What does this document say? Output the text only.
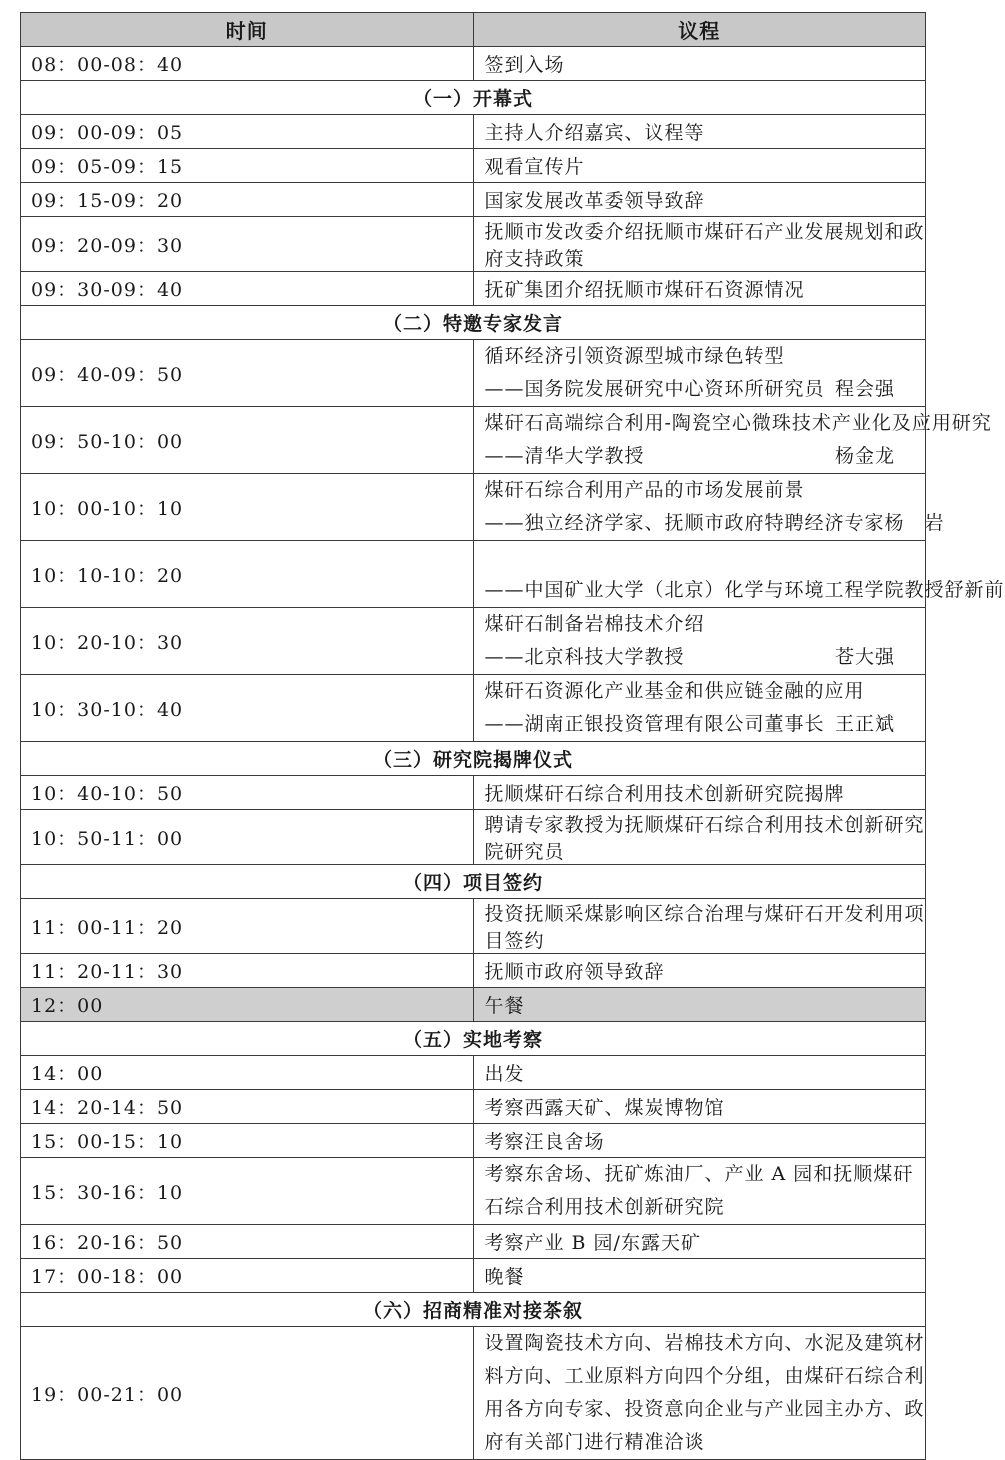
时间	议程
08：00-08：40	签到入场
（一）开幕式	
09：00-09：05	主持人介绍嘉宾、议程等
09：05-09：15	观看宣传片
09：15-09：20	国家发展改革委领导致辞
09：20-09：30	抚顺市发改委介绍抚顺市煤矸石产业发展规划和政府支持政策
09：30-09：40	抚矿集团介绍抚顺市煤矸石资源情况
（二）特邀专家发言	
09：40-09：50	循环经济引领资源型城市绿色转型
——国务院发展研究中心资环所研究员 程会强

09：50-10：00	煤矸石高端综合利用-陶瓷空心微珠技术产业化及应用研究
——清华大学教授 杨金龙

10：00-10：10	煤矸石综合利用产品的市场发展前景
——独立经济学家、抚顺市政府特聘经济专家 杨　岩

10：10-10：20	——中国矿业大学（北京）化学与环境工程学院教授 舒新前

10：20-10：30	煤矸石制备岩棉技术介绍
——北京科技大学教授 苍大强

10：30-10：40	煤矸石资源化产业基金和供应链金融的应用
——湖南正银投资管理有限公司董事长 王正斌

（三）研究院揭牌仪式	
10：40-10：50	抚顺煤矸石综合利用技术创新研究院揭牌
10：50-11：00	聘请专家教授为抚顺煤矸石综合利用技术创新研究院研究员
（四）项目签约	
11：00-11：20	投资抚顺采煤影响区综合治理与煤矸石开发利用项目签约
11：20-11：30	抚顺市政府领导致辞
12：00	午餐
（五）实地考察	
14：00	出发
14：20-14：50	考察西露天矿、煤炭博物馆
15：00-15：10	考察汪良舍场
15：30-16：10	考察东舍场、抚矿炼油厂、产业 A 园和抚顺煤矸石综合利用技术创新研究院

16：20-16：50	考察产业 B 园/东露天矿
17：00-18：00	晚餐
（六）招商精准对接茶叙	
19：00-21：00	设置陶瓷技术方向、岩棉技术方向、水泥及建筑材料方向、工业原料方向四个分组，由煤矸石综合利用各方向专家、投资意向企业与产业园主办方、政府有关部门进行精准洽谈
